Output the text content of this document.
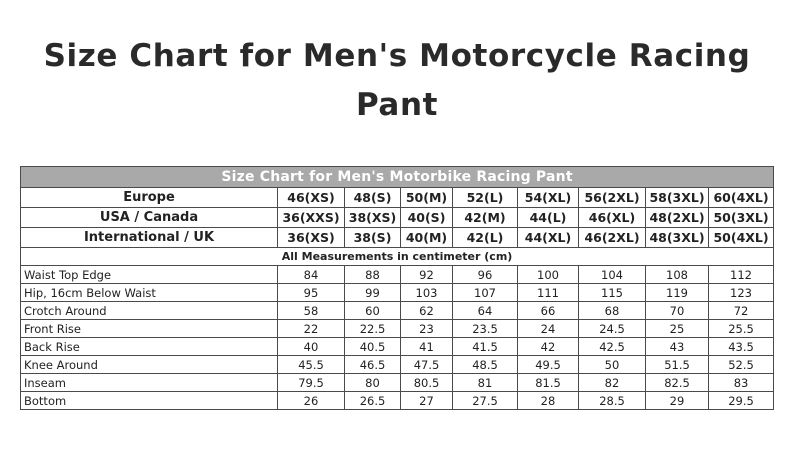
Size Chart for Men's Motorcycle Racing Pant
Size Chart for Men's Motorbike Racing Pant								
Europe	46(XS)	48(S)	50(M)	52(L)	54(XL)	56(2XL)	58(3XL)	60(4XL)
USA / Canada	36(XXS)	38(XS)	40(S)	42(M)	44(L)	46(XL)	48(2XL)	50(3XL)
International / UK	36(XS)	38(S)	40(M)	42(L)	44(XL)	46(2XL)	48(3XL)	50(4XL)
All Measurements in centimeter (cm)								
Waist Top Edge	84	88	92	96	100	104	108	112
Hip, 16cm Below Waist	95	99	103	107	111	115	119	123
Crotch Around	58	60	62	64	66	68	70	72
Front Rise	22	22.5	23	23.5	24	24.5	25	25.5
Back Rise	40	40.5	41	41.5	42	42.5	43	43.5
Knee Around	45.5	46.5	47.5	48.5	49.5	50	51.5	52.5
Inseam	79.5	80	80.5	81	81.5	82	82.5	83
Bottom	26	26.5	27	27.5	28	28.5	29	29.5
